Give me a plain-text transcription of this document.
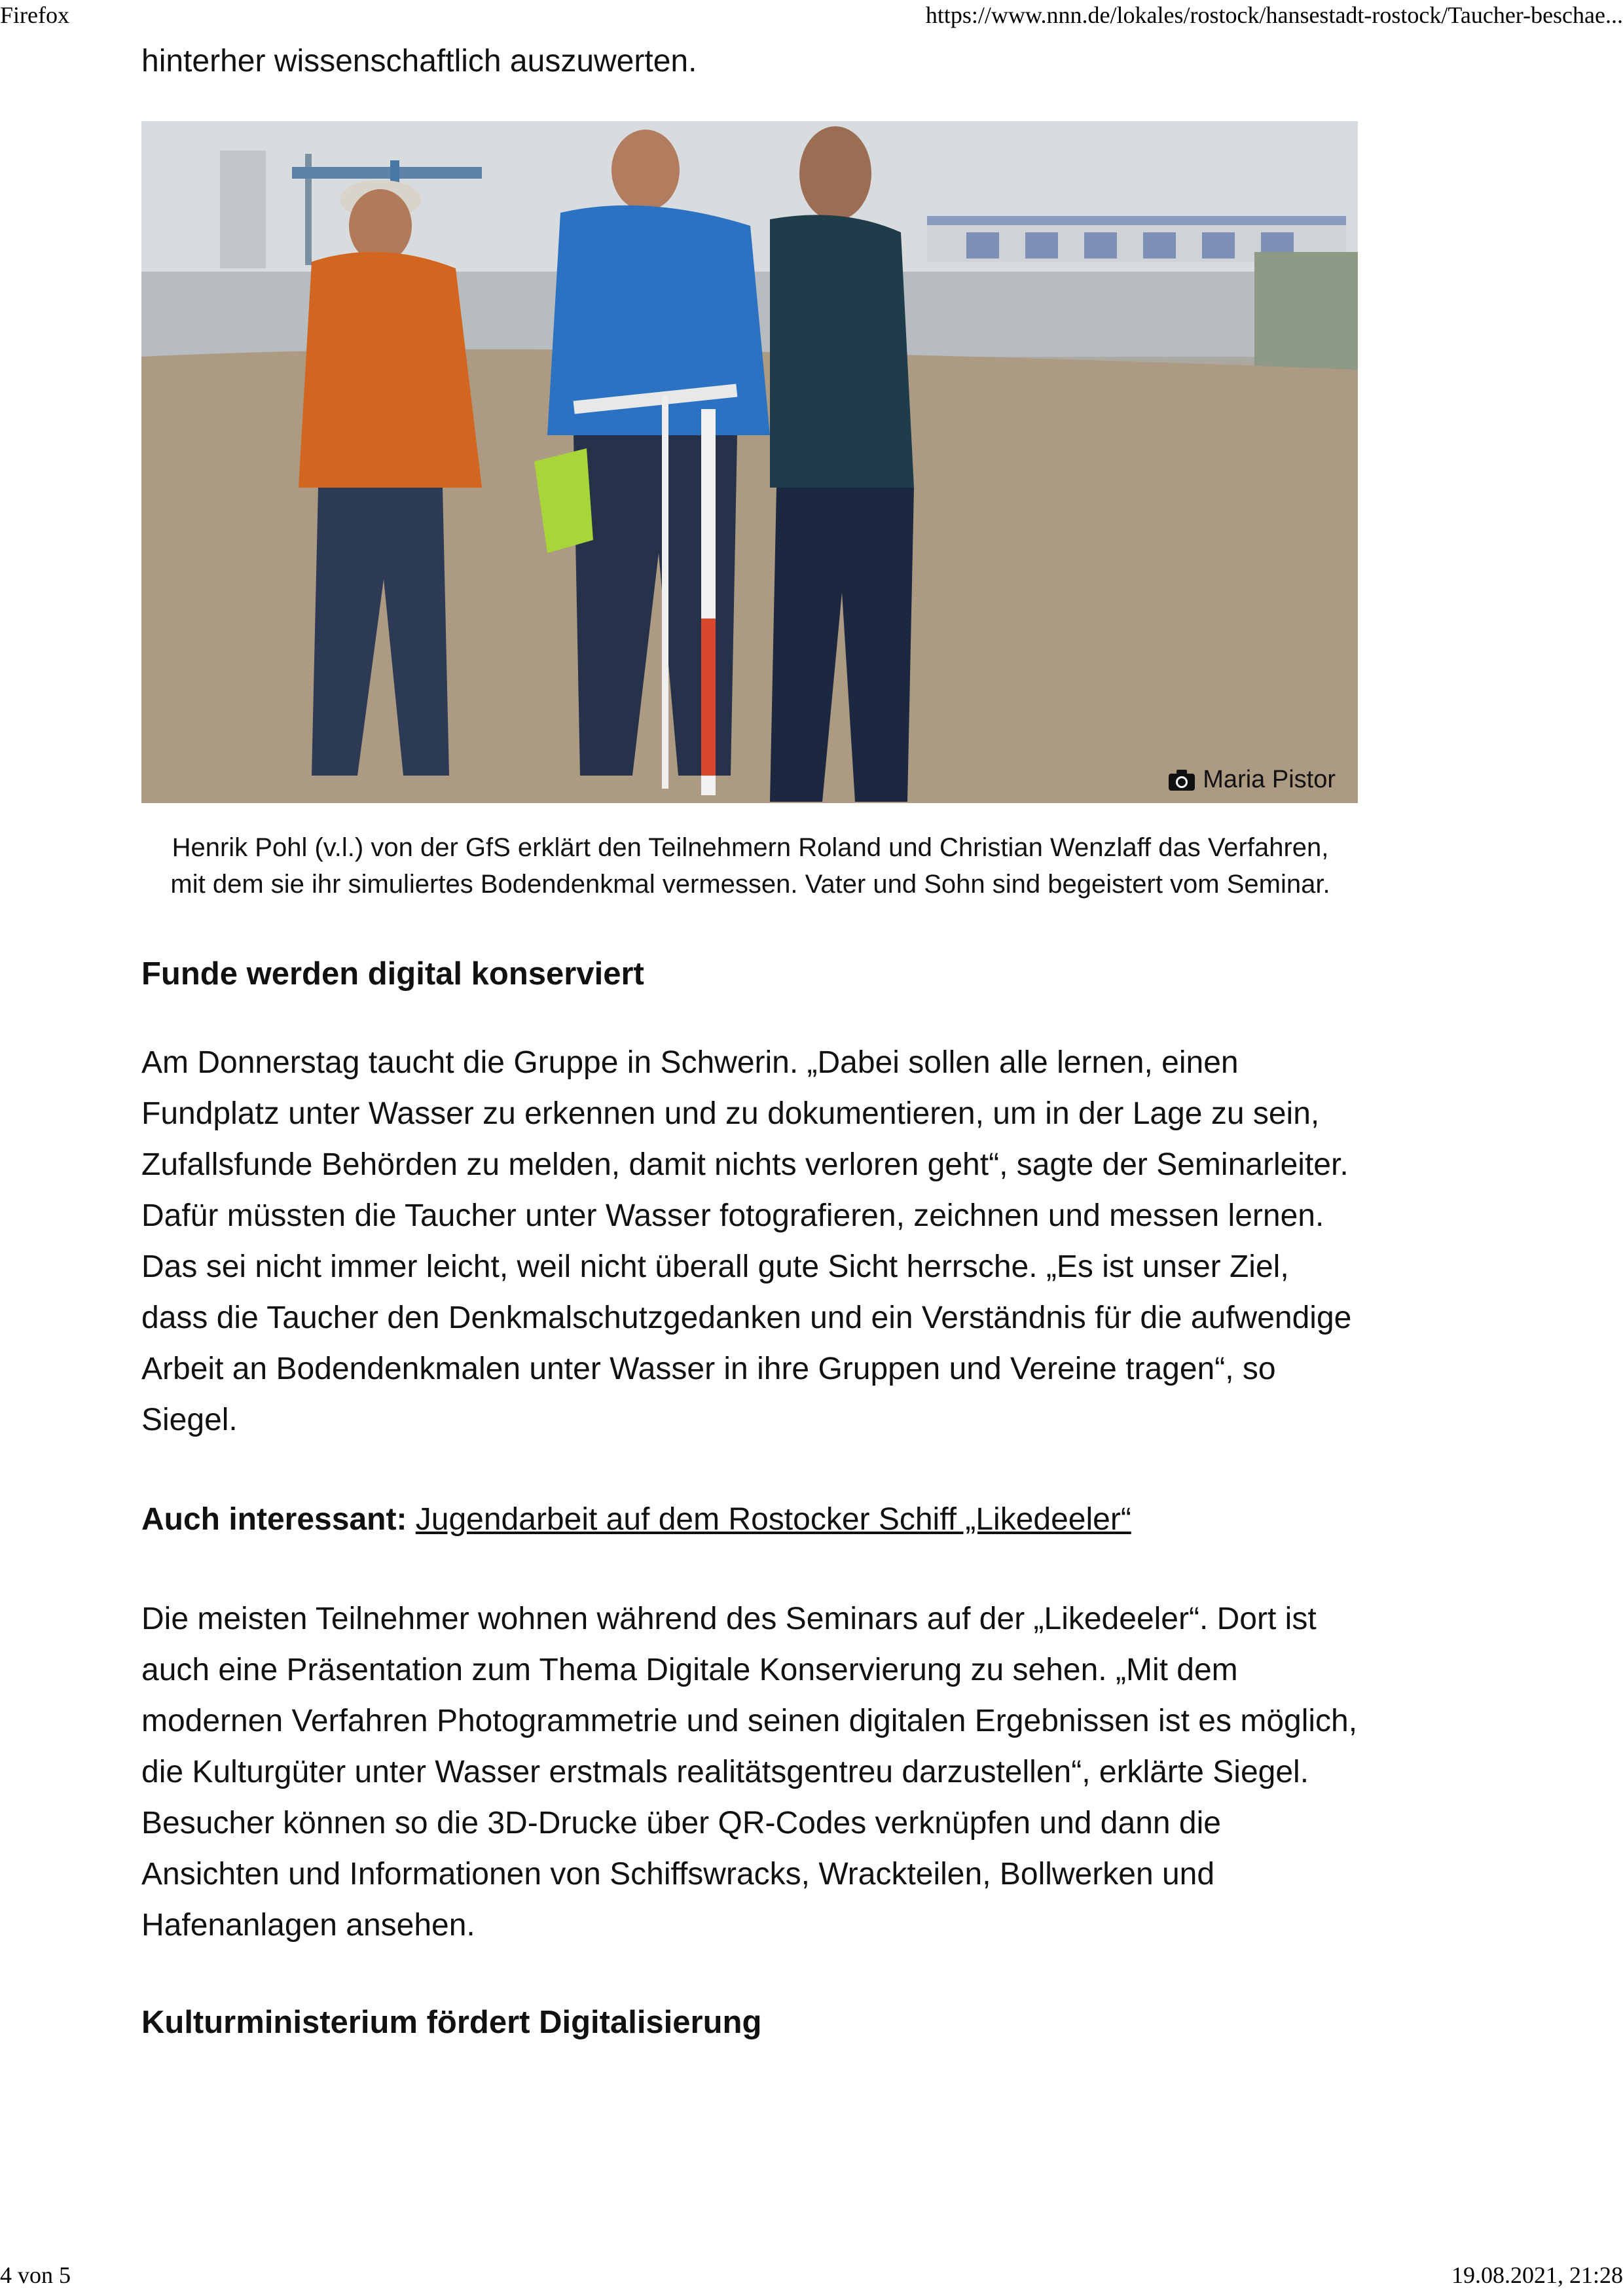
Firefox	https://www.nnn.de/lokales/rostock/hansestadt-rostock/Taucher-beschae...

hinterher wissenschaftlich auszuwerten.

Maria Pistor
Henrik Pohl (v.l.) von der GfS erklärt den Teilnehmern Roland und Christian Wenzlaff das Verfahren, mit dem sie ihr simuliertes Bodendenkmal vermessen. Vater und Sohn sind begeistert vom Seminar.
Funde werden digital konserviert

Am Donnerstag taucht die Gruppe in Schwerin. „Dabei sollen alle lernen, einen Fundplatz unter Wasser zu erkennen und zu dokumentieren, um in der Lage zu sein, Zufallsfunde Behörden zu melden, damit nichts verloren geht“, sagte der Seminarleiter. Dafür müssten die Taucher unter Wasser fotografieren, zeichnen und messen lernen. Das sei nicht immer leicht, weil nicht überall gute Sicht herrsche. „Es ist unser Ziel, dass die Taucher den Denkmalschutzgedanken und ein Verständnis für die aufwendige Arbeit an Bodendenkmalen unter Wasser in ihre Gruppen und Vereine tragen“, so Siegel.

Auch interessant: Jugendarbeit auf dem Rostocker Schiff „Likedeeler“

Die meisten Teilnehmer wohnen während des Seminars auf der „Likedeeler“. Dort ist auch eine Präsentation zum Thema Digitale Konservierung zu sehen. „Mit dem modernen Verfahren Photogrammetrie und seinen digitalen Ergebnissen ist es möglich, die Kulturgüter unter Wasser erstmals realitätsgentreu darzustellen“, erklärte Siegel. Besucher können so die 3D-Drucke über QR-Codes verknüpfen und dann die Ansichten und Informationen von Schiffswracks, Wrackteilen, Bollwerken und Hafenanlagen ansehen.

Kulturministerium fördert Digitalisierung
4 von 5	19.08.2021, 21:28
